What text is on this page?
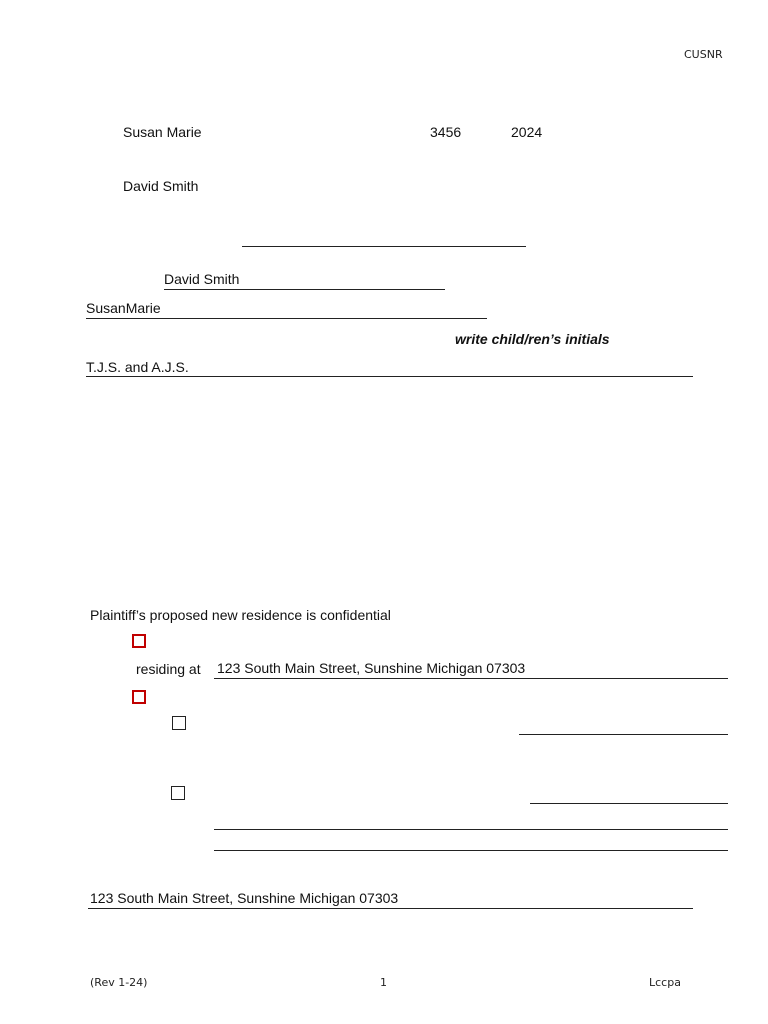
CUSNR
Susan Marie	3456	2024
David Smith
David Smith
SusanMarie
write child/ren’s initials
T.J.S. and A.J.S.
Plaintiff’s proposed new residence is confidential
residing at 123 South Main Street, Sunshine Michigan 07303
123 South Main Street, Sunshine Michigan 07303
(Rev 1-24)	1	Lccpa
